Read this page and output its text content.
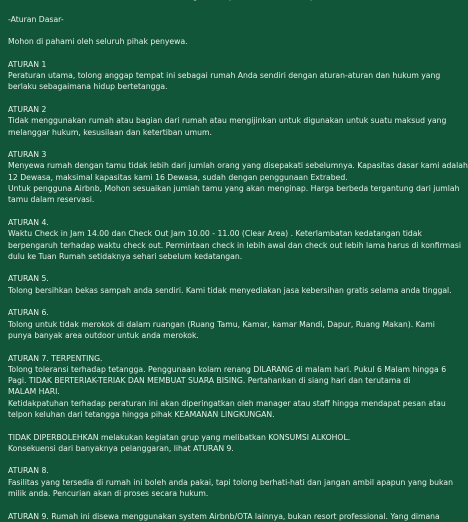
-Aturan Dasar-
Mohon di pahami oleh seluruh pihak penyewa.
ATURAN 1
Peraturan utama, tolong anggap tempat ini sebagai rumah Anda sendiri dengan aturan-aturan dan hukum yang
berlaku sebagaimana hidup bertetangga.
ATURAN 2
Tidak menggunakan rumah atau bagian dari rumah atau mengijinkan untuk digunakan untuk suatu maksud yang
melanggar hukum, kesusilaan dan ketertiban umum.
ATURAN 3
Menyewa rumah dengan tamu tidak lebih dari jumlah orang yang disepakati sebelumnya. Kapasitas dasar kami adalah
12 Dewasa, maksimal kapasitas kami 16 Dewasa, sudah dengan penggunaan Extrabed.
Untuk pengguna Airbnb, Mohon sesuaikan jumlah tamu yang akan menginap. Harga berbeda tergantung dari jumlah
tamu dalam reservasi.
ATURAN 4.
Waktu Check in Jam 14.00 dan Check Out Jam 10.00 - 11.00 (Clear Area) . Keterlambatan kedatangan tidak
berpengaruh terhadap waktu check out. Permintaan check in lebih awal dan check out lebih lama harus di konfirmasi
dulu ke Tuan Rumah setidaknya sehari sebelum kedatangan.
ATURAN 5.
Tolong bersihkan bekas sampah anda sendiri. Kami tidak menyediakan jasa kebersihan gratis selama anda tinggal.
ATURAN 6.
Tolong untuk tidak merokok di dalam ruangan (Ruang Tamu, Kamar, kamar Mandi, Dapur, Ruang Makan). Kami
punya banyak area outdoor untuk anda merokok.
ATURAN 7. TERPENTING.
Tolong toleransi terhadap tetangga. Penggunaan kolam renang DILARANG di malam hari. Pukul 6 Malam hingga 6
Pagi. TIDAK BERTERIAK-TERIAK DAN MEMBUAT SUARA BISING. Pertahankan di siang hari dan terutama di
MALAM HARI.
Ketidakpatuhan terhadap peraturan ini akan diperingatkan oleh manager atau staff hingga mendapat pesan atau
telpon keluhan dari tetangga hingga pihak KEAMANAN LINGKUNGAN.
TIDAK DIPERBOLEHKAN melakukan kegiatan grup yang melibatkan KONSUMSI ALKOHOL.
Konsekuensi dari banyaknya pelanggaran, lihat ATURAN 9.
ATURAN 8.
Fasilitas yang tersedia di rumah ini boleh anda pakai, tapi tolong berhati-hati dan jangan ambil apapun yang bukan
milik anda. Pencurian akan di proses secara hukum.
ATURAN 9. Rumah ini disewa menggunakan system Airbnb/OTA lainnya, bukan resort professional. Yang dimana
